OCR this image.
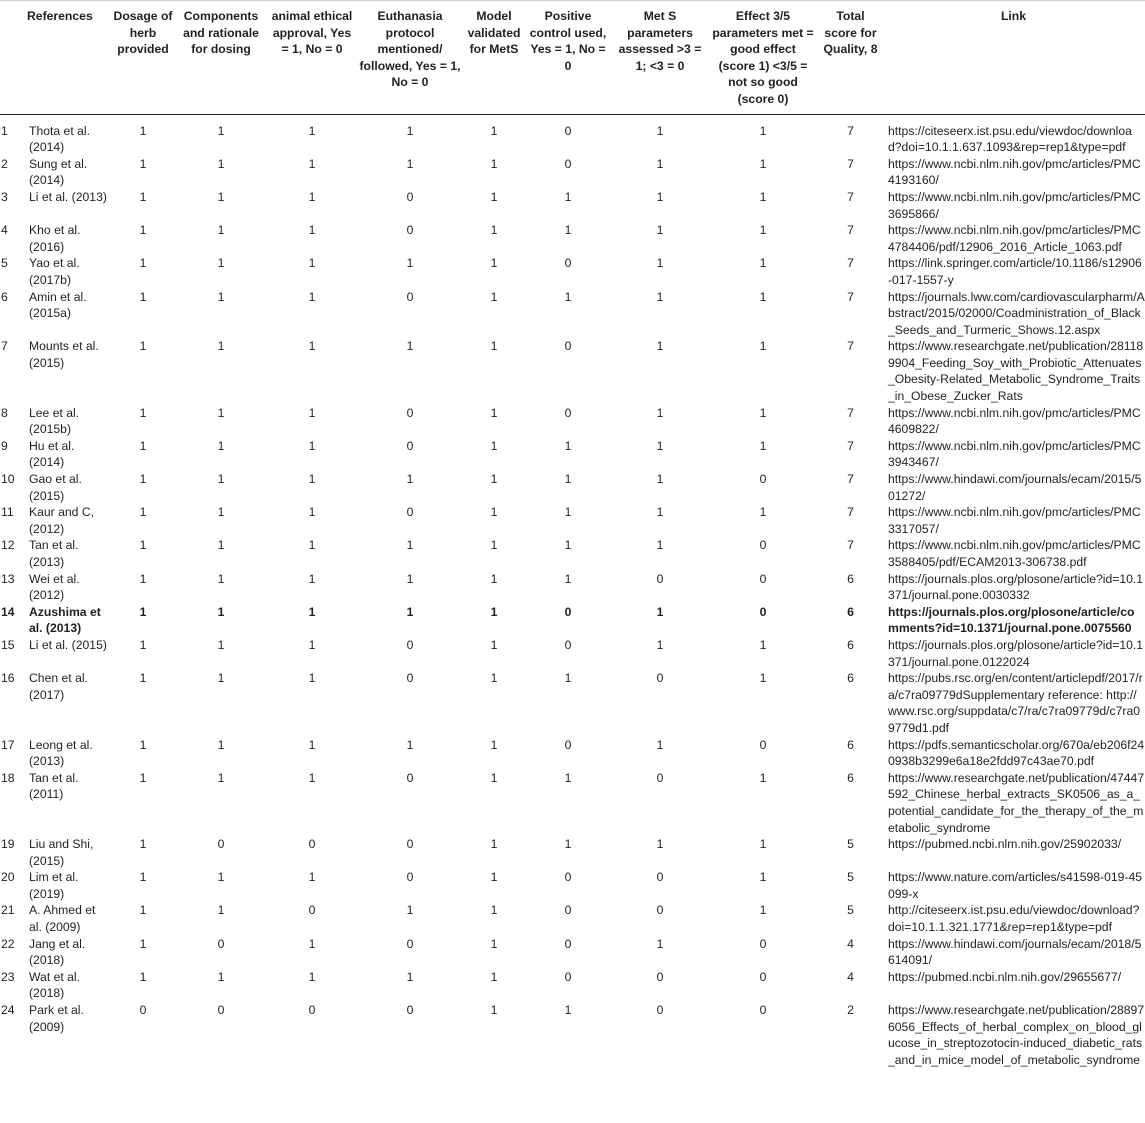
	References	Dosage of herb provided	Components and rationale for dosing	animal ethical approval, Yes = 1, No = 0	Euthanasia protocol mentioned/ followed, Yes = 1, No = 0	Model validated for MetS	Positive control used, Yes = 1, No = 0	Met S parameters assessed >3 = 1; <3 = 0	Effect 3/5 parameters met = good effect (score 1) <3/5 = not so good (score 0)	Total score for Quality, 8	Link
1	Thota et al. (2014)	1	1	1	1	1	0	1	1	7	https://citeseerx.ist.psu.edu/viewdoc/download?doi=10.1.1.637.1093&rep=rep1&type=pdf
2	Sung et al. (2014)	1	1	1	1	1	0	1	1	7	https://www.ncbi.nlm.nih.gov/pmc/articles/PMC4193160/
3	Li et al. (2013)	1	1	1	0	1	1	1	1	7	https://www.ncbi.nlm.nih.gov/pmc/articles/PMC3695866/
4	Kho et al. (2016)	1	1	1	0	1	1	1	1	7	https://www.ncbi.nlm.nih.gov/pmc/articles/PMC4784406/pdf/12906_2016_Article_1063.pdf
5	Yao et al. (2017b)	1	1	1	1	1	0	1	1	7	https://link.springer.com/article/10.1186/s12906-017-1557-y
6	Amin et al. (2015a)	1	1	1	0	1	1	1	1	7	https://journals.lww.com/cardiovascularpharm/Abstract/2015/02000/Coadministration_of_Black_Seeds_and_Turmeric_Shows.12.aspx
7	Mounts et al. (2015)	1	1	1	1	1	0	1	1	7	https://www.researchgate.net/publication/281189904_Feeding_Soy_with_Probiotic_Attenuates_Obesity-Related_Metabolic_Syndrome_Traits_in_Obese_Zucker_Rats
8	Lee et al. (2015b)	1	1	1	0	1	0	1	1	7	https://www.ncbi.nlm.nih.gov/pmc/articles/PMC4609822/
9	Hu et al. (2014)	1	1	1	0	1	1	1	1	7	https://www.ncbi.nlm.nih.gov/pmc/articles/PMC3943467/
10	Gao et al. (2015)	1	1	1	1	1	1	1	0	7	https://www.hindawi.com/journals/ecam/2015/501272/
11	Kaur and C, (2012)	1	1	1	0	1	1	1	1	7	https://www.ncbi.nlm.nih.gov/pmc/articles/PMC3317057/
12	Tan et al. (2013)	1	1	1	1	1	1	1	0	7	https://www.ncbi.nlm.nih.gov/pmc/articles/PMC3588405/pdf/ECAM2013-306738.pdf
13	Wei et al. (2012)	1	1	1	1	1	1	0	0	6	https://journals.plos.org/plosone/article?id=10.1371/journal.pone.0030332
14	Azushima et al. (2013)	1	1	1	1	1	0	1	0	6	https://journals.plos.org/plosone/article/comments?id=10.1371/journal.pone.0075560
15	Li et al. (2015)	1	1	1	0	1	0	1	1	6	https://journals.plos.org/plosone/article?id=10.1371/journal.pone.0122024
16	Chen et al. (2017)	1	1	1	0	1	1	0	1	6	https://pubs.rsc.org/en/content/articlepdf/2017/ra/c7ra09779dSupplementary reference: http://www.rsc.org/suppdata/c7/ra/c7ra09779d/c7ra09779d1.pdf
17	Leong et al. (2013)	1	1	1	1	1	0	1	0	6	https://pdfs.semanticscholar.org/670a/eb206f240938b3299e6a18e2fdd97c43ae70.pdf
18	Tan et al. (2011)	1	1	1	0	1	1	0	1	6	https://www.researchgate.net/publication/47447592_Chinese_herbal_extracts_SK0506_as_a_potential_candidate_for_the_therapy_of_the_metabolic_syndrome
19	Liu and Shi, (2015)	1	0	0	0	1	1	1	1	5	https://pubmed.ncbi.nlm.nih.gov/25902033/
20	Lim et al. (2019)	1	1	1	0	1	0	0	1	5	https://www.nature.com/articles/s41598-019-45099-x
21	A. Ahmed et al. (2009)	1	1	0	1	1	0	0	1	5	http://citeseerx.ist.psu.edu/viewdoc/download?doi=10.1.1.321.1771&rep=rep1&type=pdf
22	Jang et al. (2018)	1	0	1	0	1	0	1	0	4	https://www.hindawi.com/journals/ecam/2018/5614091/
23	Wat et al. (2018)	1	1	1	1	1	0	0	0	4	https://pubmed.ncbi.nlm.nih.gov/29655677/
24	Park et al. (2009)	0	0	0	0	1	1	0	0	2	https://www.researchgate.net/publication/288976056_Effects_of_herbal_complex_on_blood_glucose_in_streptozotocin-induced_diabetic_rats_and_in_mice_model_of_metabolic_syndrome
